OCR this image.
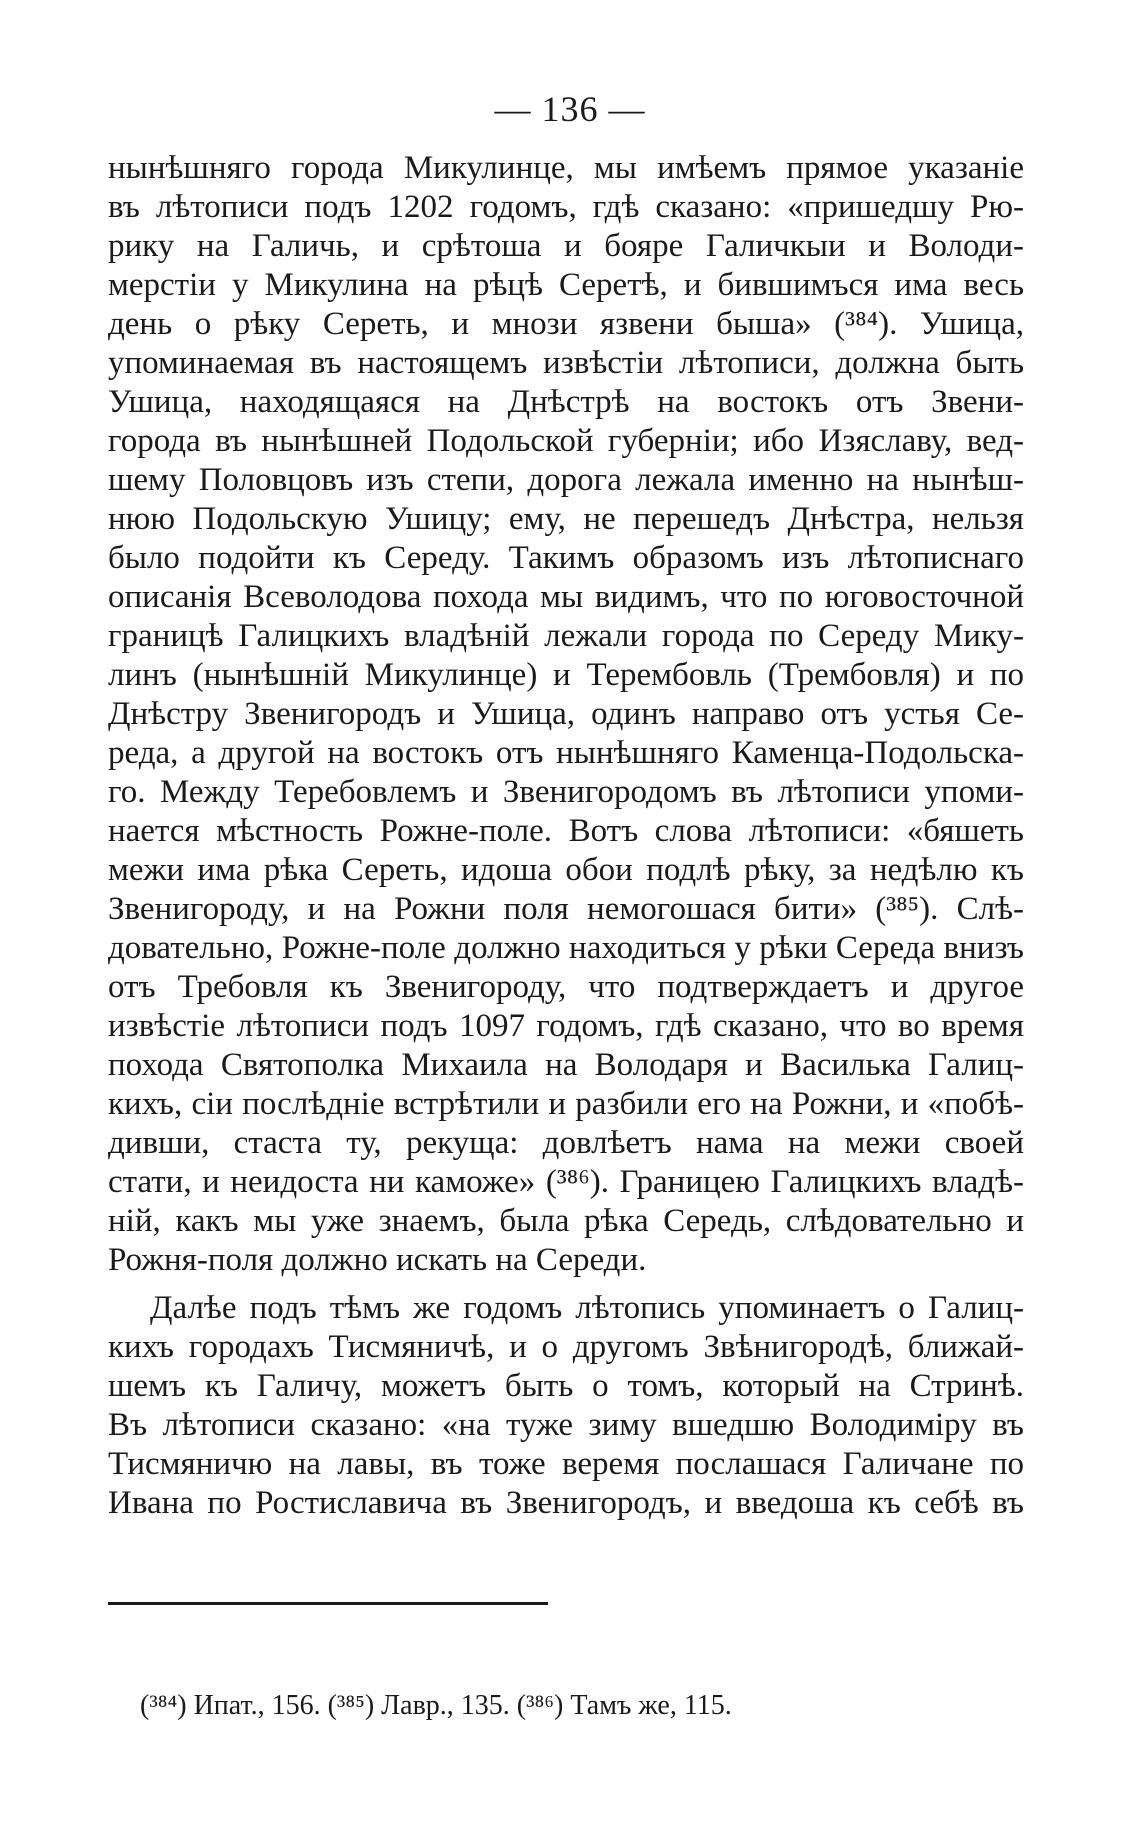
— 136 —
нынѣшняго города Микулинце, мы имѣемъ прямое указаніе
въ лѣтописи подъ 1202 годомъ, гдѣ сказано: «пришедшу Рю-
рику на Галичь, и срѣтоша и бояре Галичкыи и Володи-
мерстіи у Микулина на рѣцѣ Серетѣ, и бившимъся има весь
день о рѣку Сереть, и мнози язвени быша» (³⁸⁴). Ушица,
упоминаемая въ настоящемъ извѣстіи лѣтописи, должна быть
Ушица, находящаяся на Днѣстрѣ на востокъ отъ Звени-
города въ нынѣшней Подольской губерніи; ибо Изяславу, вед-
шему Половцовъ изъ степи, дорога лежала именно на нынѣш-
нюю Подольскую Ушицу; ему, не перешедъ Днѣстра, нельзя
было подойти къ Середу. Такимъ образомъ изъ лѣтописнаго
описанія Всеволодова похода мы видимъ, что по юговосточной
границѣ Галицкихъ владѣній лежали города по Середу Мику-
линъ (нынѣшній Микулинце) и Терембовль (Трембовля) и по
Днѣстру Звенигородъ и Ушица, одинъ направо отъ устья Се-
реда, а другой на востокъ отъ нынѣшняго Каменца-Подольска-
го. Между Теребовлемъ и Звенигородомъ въ лѣтописи упоми-
нается мѣстность Рожне-поле. Вотъ слова лѣтописи: «бяшеть
межи има рѣка Сереть, идоша обои подлѣ рѣку, за недѣлю къ
Звенигороду, и на Рожни поля немогошася бити» (³⁸⁵). Слѣ-
довательно, Рожне-поле должно находиться у рѣки Середа внизъ
отъ Требовля къ Звенигороду, что подтверждаетъ и другое
извѣстіе лѣтописи подъ 1097 годомъ, гдѣ сказано, что во время
похода Святополка Михаила на Володаря и Василька Галиц-
кихъ, сіи послѣдніе встрѣтили и разбили его на Рожни, и «побѣ-
дивши, стаста ту, рекуща: довлѣетъ нама на межи своей
стати, и неидоста ни каможе» (³⁸⁶). Границею Галицкихъ владѣ-
ній, какъ мы уже знаемъ, была рѣка Середь, слѣдовательно и
Рожня-поля должно искать на Середи.
Далѣе подъ тѣмъ же годомъ лѣтопись упоминаетъ о Галиц-
кихъ городахъ Тисмяничѣ, и о другомъ Звѣнигородѣ, ближай-
шемъ къ Галичу, можетъ быть о томъ, который на Стринѣ.
Въ лѣтописи сказано: «на туже зиму вшедшю Володиміру въ
Тисмяничю на лавы, въ тоже веремя послашася Галичане по
Ивана по Ростиславича въ Звенигородъ, и введоша къ себѣ въ
(³⁸⁴) Ипат., 156. (³⁸⁵) Лавр., 135. (³⁸⁶) Тамъ же, 115.
